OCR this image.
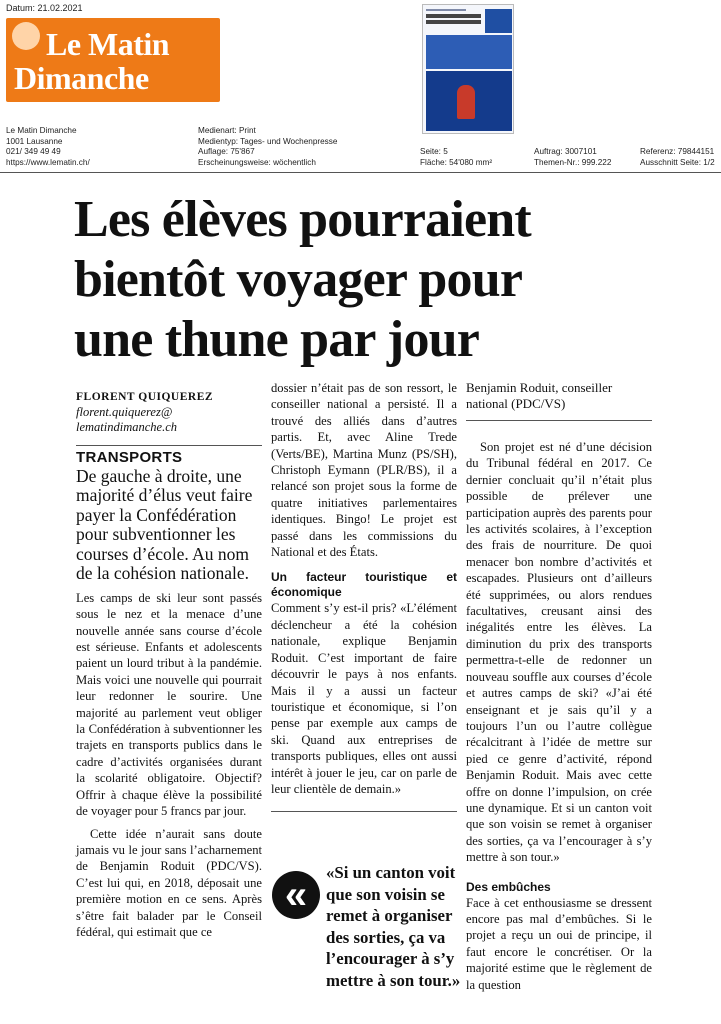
Datum: 21.02.2021
Le Matin
Dimanche
Le Matin Dimanche
1001 Lausanne
021/ 349 49 49
https://www.lematin.ch/
Medienart: Print
Medientyp: Tages- und Wochenpresse
Auflage: 75'867
Erscheinungsweise: wöchentlich
Seite: 5
Fläche: 54'080 mm²
Auftrag: 3007101
Themen-Nr.: 999.222
Referenz: 79844151
Ausschnitt Seite: 1/2
Les élèves pourraient
bientôt voyager pour
une thune par jour
FLORENT QUIQUEREZ
florent.quiquerez@
lematindimanche.ch
TRANSPORTS
De gauche à droite, une majorité d’élus veut faire payer la Confédération pour subventionner les courses d’école. Au nom de la cohésion nationale.

Les camps de ski leur sont passés sous le nez et la menace d’une nouvelle année sans course d’école est sérieuse. Enfants et adolescents paient un lourd tribut à la pandémie. Mais voici une nouvelle qui pourrait leur redonner le sourire. Une majorité au parlement veut obliger la Confédération à subventionner les trajets en transports publics dans le cadre d’activités organisées durant la scolarité obligatoire. Objectif? Offrir à chaque élève la possibilité de voyager pour 5 francs par jour.

Cette idée n’aurait sans doute jamais vu le jour sans l’acharnement de Benjamin Roduit (PDC/VS). C’est lui qui, en 2018, déposait une première motion en ce sens. Après s’être fait balader par le Conseil fédéral, qui estimait que ce

dossier n’était pas de son ressort, le conseiller national a persisté. Il a trouvé des alliés dans d’autres partis. Et, avec Aline Trede (Verts/BE), Martina Munz (PS/SH), Christoph Eymann (PLR/BS), il a relancé son projet sous la forme de quatre initiatives parlementaires identiques. Bingo! Le projet est passé dans les commissions du National et des États.

Un facteur touristique et économique

Comment s’y est-il pris? «L’élément déclencheur a été la cohésion nationale, explique Benjamin Roduit. C’est important de faire découvrir le pays à nos enfants. Mais il y a aussi un facteur touristique et économique, si l’on pense par exemple aux camps de ski. Quand aux entreprises de transports publiques, elles ont aussi intérêt à jouer le jeu, car on parle de leur clientèle de demain.»

«
«Si un canton voit que son voisin se remet à organiser des sorties, ça va l’encourager à s’y mettre à son tour.»
Benjamin Roduit, conseiller national (PDC/VS)

Son projet est né d’une décision du Tribunal fédéral en 2017. Ce dernier concluait qu’il n’était plus possible de prélever une participation auprès des parents pour les activités scolaires, à l’exception des frais de nourriture. De quoi menacer bon nombre d’activités et escapades. Plusieurs ont d’ailleurs été supprimées, ou alors rendues facultatives, creusant ainsi des inégalités entre les élèves. La diminution du prix des transports permettra-t-elle de redonner un nouveau souffle aux courses d’école et autres camps de ski? «J’ai été enseignant et je sais qu’il y a toujours l’un ou l’autre collègue récalcitrant à l’idée de mettre sur pied ce genre d’activité, répond Benjamin Roduit. Mais avec cette offre on donne l’impulsion, on crée une dynamique. Et si un canton voit que son voisin se remet à organiser des sorties, ça va l’encourager à s’y mettre à son tour.»

Des embûches

Face à cet enthousiasme se dressent encore pas mal d’embûches. Si le projet a reçu un oui de principe, il faut encore le concrétiser. Or la majorité estime que le règlement de la question
